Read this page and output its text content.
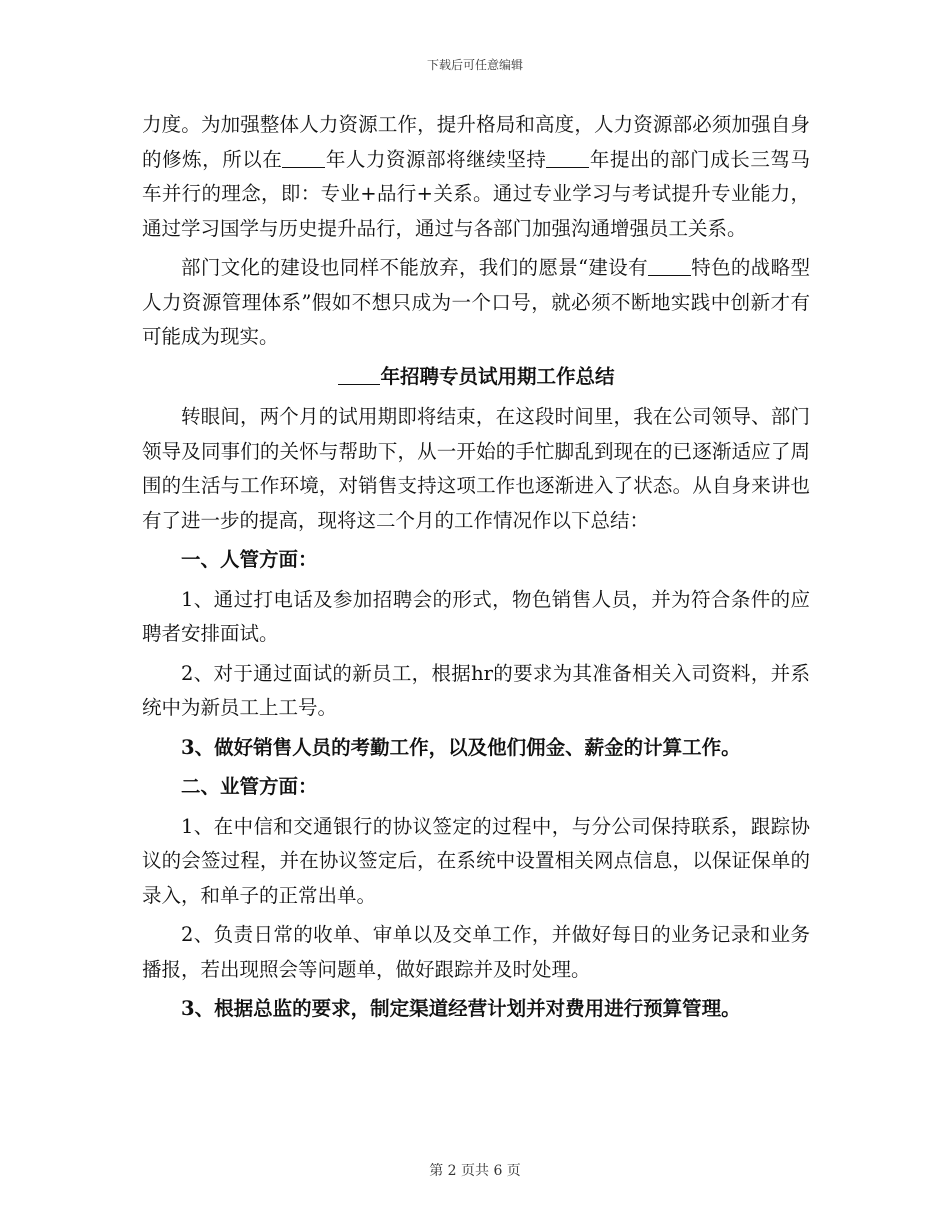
下载后可任意编辑

力度。为加强整体人力资源工作，提升格局和高度，人力资源部必须加强自身的修炼，所以在 年人力资源部将继续坚持 年提出的部门成长三驾马车并行的理念，即：专业+品行+关系。通过专业学习与考试提升专业能力，通过学习国学与历史提升品行，通过与各部门加强沟通增强员工关系。

部门文化的建设也同样不能放弃，我们的愿景“建设有 特色的战略型人力资源管理体系”假如不想只成为一个口号，就必须不断地实践中创新才有可能成为现实。

年招聘专员试用期工作总结

转眼间，两个月的试用期即将结束，在这段时间里，我在公司领导、部门领导及同事们的关怀与帮助下，从一开始的手忙脚乱到现在的已逐渐适应了周围的生活与工作环境，对销售支持这项工作也逐渐进入了状态。从自身来讲也有了进一步的提高，现将这二个月的工作情况作以下总结：

一、人管方面：

1、通过打电话及参加招聘会的形式，物色销售人员，并为符合条件的应聘者安排面试。

2、对于通过面试的新员工，根据hr的要求为其准备相关入司资料，并系统中为新员工上工号。

3、做好销售人员的考勤工作，以及他们佣金、薪金的计算工作。

二、业管方面：

1、在中信和交通银行的协议签定的过程中，与分公司保持联系，跟踪协议的会签过程，并在协议签定后，在系统中设置相关网点信息，以保证保单的录入，和单子的正常出单。

2、负责日常的收单、审单以及交单工作，并做好每日的业务记录和业务播报，若出现照会等问题单，做好跟踪并及时处理。

3、根据总监的要求，制定渠道经营计划并对费用进行预算管理。

第 2 页共 6 页
